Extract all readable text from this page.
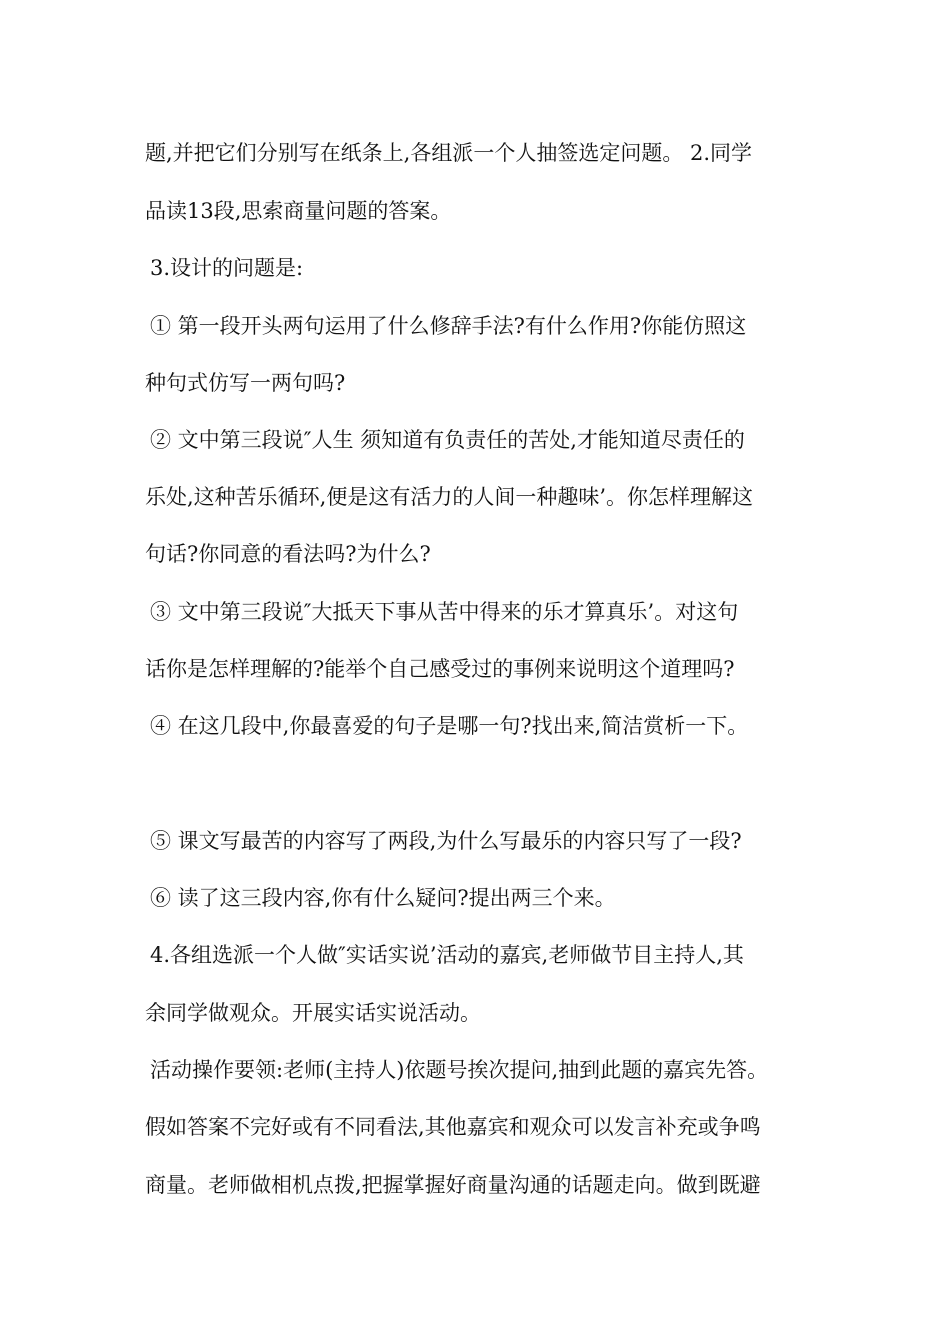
题,并把它们分别写在纸条上,各组派一个人抽签选定问题。 2.同学
品读13段,思索商量问题的答案。
3.设计的问题是:
① 第一段开头两句运用了什么修辞手法?有什么作用?你能仿照这
种句式仿写一两句吗?
② 文中第三段说″人生 须知道有负责任的苦处,才能知道尽责任的
乐处,这种苦乐循环,便是这有活力的人间一种趣味’。你怎样理解这
句话?你同意的看法吗?为什么?
③ 文中第三段说″大抵天下事从苦中得来的乐才算真乐’。对这句
话你是怎样理解的?能举个自己感受过的事例来说明这个道理吗?
④ 在这几段中,你最喜爱的句子是哪一句?找出来,简洁赏析一下。
⑤ 课文写最苦的内容写了两段,为什么写最乐的内容只写了一段?
⑥ 读了这三段内容,你有什么疑问?提出两三个来。
4.各组选派一个人做″实话实说’活动的嘉宾,老师做节目主持人,其
余同学做观众。开展实话实说活动。
活动操作要领:老师(主持人)依题号挨次提问,抽到此题的嘉宾先答。
假如答案不完好或有不同看法,其他嘉宾和观众可以发言补充或争鸣
商量。老师做相机点拨,把握掌握好商量沟通的话题走向。做到既避
